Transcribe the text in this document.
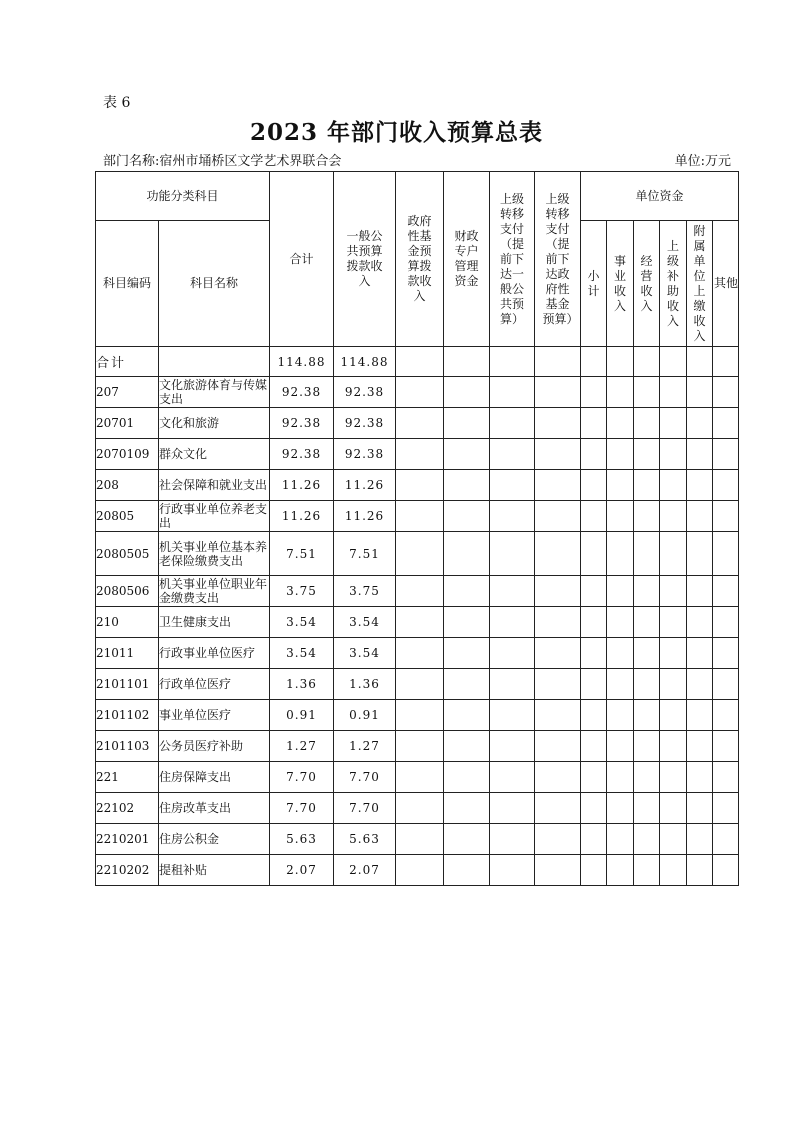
表 6
2023 年部门收入预算总表
部门名称:宿州市埇桥区文学艺术界联合会	单位:万元
功能分类科目		合计	一般公共预算拨款收入	政府性基金预算拨款收入	财政专户管理资金	上级转移支付（提前下达一般公共预算）	上级转移支付（提前下达政府性基金预算）	单位资金					
科目编码	科目名称							小计	事业收入	经营收入	上级补助收入	附属单位上缴收入	其他
合计		114.88	114.88										
207	文化旅游体育与传媒支出	92.38	92.38										
20701	文化和旅游	92.38	92.38										
2070109	群众文化	92.38	92.38										
208	社会保障和就业支出	11.26	11.26										
20805	行政事业单位养老支出	11.26	11.26										
2080505	机关事业单位基本养老保险缴费支出	7.51	7.51										
2080506	机关事业单位职业年金缴费支出	3.75	3.75										
210	卫生健康支出	3.54	3.54										
21011	行政事业单位医疗	3.54	3.54										
2101101	行政单位医疗	1.36	1.36										
2101102	事业单位医疗	0.91	0.91										
2101103	公务员医疗补助	1.27	1.27										
221	住房保障支出	7.70	7.70										
22102	住房改革支出	7.70	7.70										
2210201	住房公积金	5.63	5.63										
2210202	提租补贴	2.07	2.07										
